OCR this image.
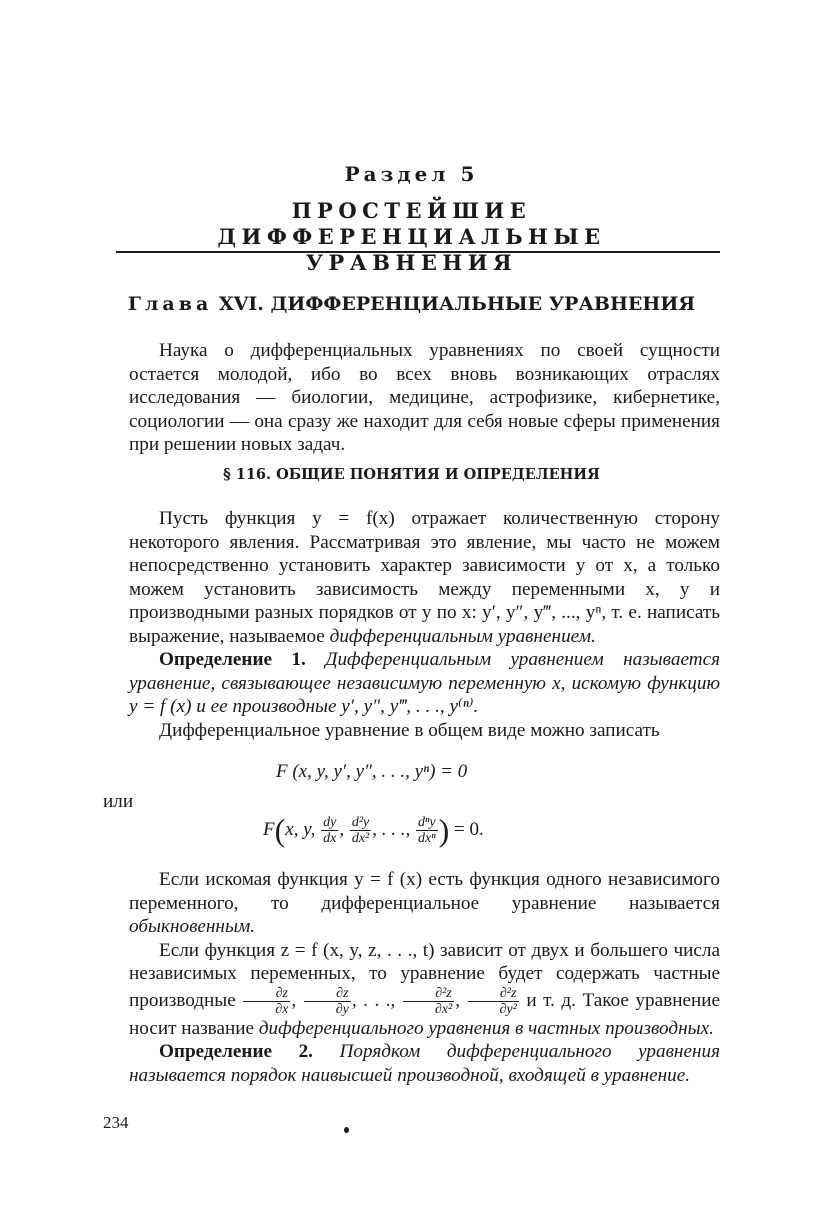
Раздел 5
ПРОСТЕЙШИЕ ДИФФЕРЕНЦИАЛЬНЫЕ
УРАВНЕНИЯ
Глава XVI. ДИФФЕРЕНЦИАЛЬНЫЕ УРАВНЕНИЯ

Наука о дифференциальных уравнениях по своей сущности остается молодой, ибо во всех вновь возникающих отраслях исследования — биологии, медицине, астрофизике, кибернетике, социологии — она сразу же находит для себя новые сферы применения при решении новых задач.

§ 116. ОБЩИЕ ПОНЯТИЯ И ОПРЕДЕЛЕНИЯ

Пусть функция y = f(x) отражает количественную сторону некоторого явления. Рассматривая это явление, мы часто не можем непосредственно установить характер зависимости y от x, а только можем установить зависимость между переменными x, y и производными разных порядков от y по x: y′, y″, y‴, ..., yⁿ, т. е. написать выражение, называемое дифференциальным уравнением.

Определение 1. Дифференциальным уравнением называется уравнение, связывающее независимую переменную x, искомую функцию y = f (x) и ее производные y′, y″, y‴, . . ., y⁽ⁿ⁾.

Дифференциальное уравнение в общем виде можно записать

F (x, y, y′, y″, . . ., yⁿ) = 0
или
F(x, y, $\frac{dy}{dx}$ , $\frac{\text{d²y}}{\text{dx²}}$ , . . ., $\frac{\text{dⁿy}}{\text{dxⁿ}}$ ) = 0.

Если искомая функция y = f (x) есть функция одного независимого переменного, то дифференциальное уравнение называется обыкновенным.

Если функция z = f (x, y, z, . . ., t) зависит от двух и большего числа независимых переменных, то уравнение будет содержать частные производные $\frac{\partial z}{\partial x}$ , $\frac{\partial z}{\partial y}$ , . . ., $\frac{\text{∂²z}}{\text{∂x²}}$ , $\frac{\text{∂²z}}{\text{∂y²}}$ и т. д. Такое уравнение носит название дифференциального уравнения в частных производных.

Определение 2. Порядком дифференциального уравнения называется порядок наивысшей производной, входящей в уравнение.

234
